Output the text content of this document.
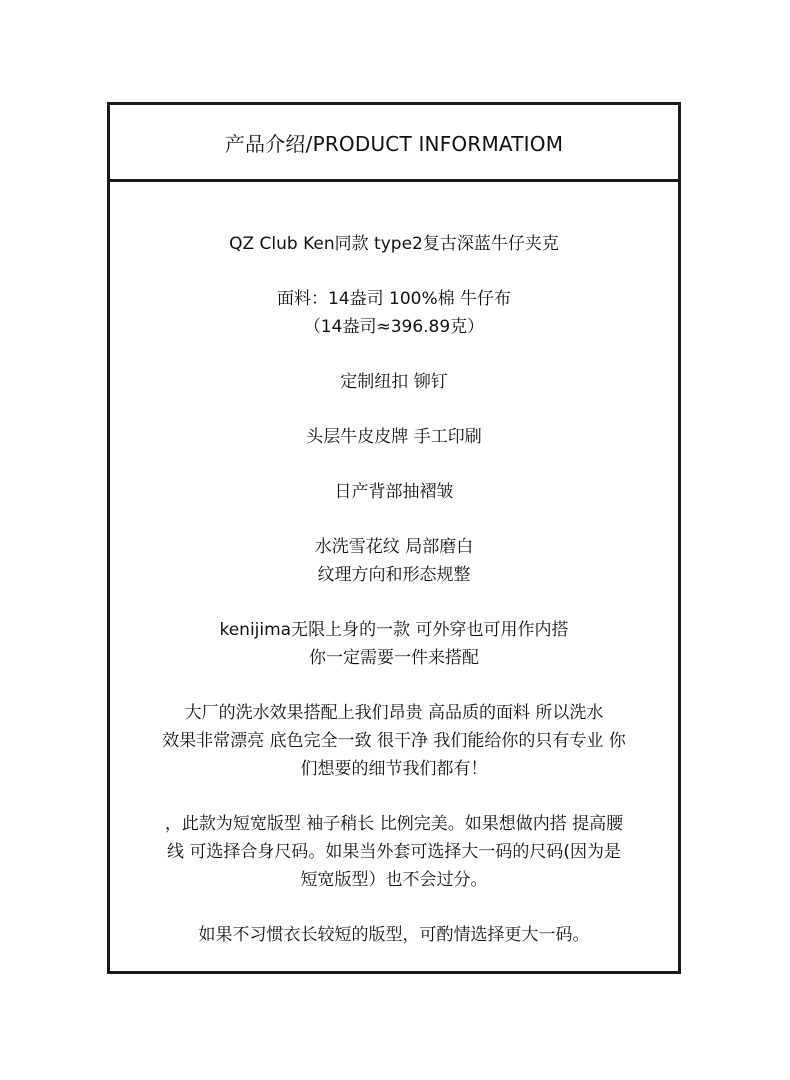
产品介绍/PRODUCT INFORMATIOM

QZ Club Ken同款 type2复古深蓝牛仔夹克

面料：14盎司 100%棉 牛仔布
（14盎司≈396.89克）

定制纽扣 铆钉

头层牛皮皮牌 手工印刷

日产背部抽褶皱

水洗雪花纹 局部磨白
纹理方向和形态规整

kenijima无限上身的一款 可外穿也可用作内搭
你一定需要一件来搭配

大厂的洗水效果搭配上我们昂贵 高品质的面料 所以洗水
效果非常漂亮 底色完全一致 很干净 我们能给你的只有专业 你
们想要的细节我们都有！

，此款为短宽版型 袖子稍长 比例完美。如果想做内搭 提高腰
线 可选择合身尺码。如果当外套可选择大一码的尺码(因为是
短宽版型）也不会过分。

如果不习惯衣长较短的版型，可酌情选择更大一码。
